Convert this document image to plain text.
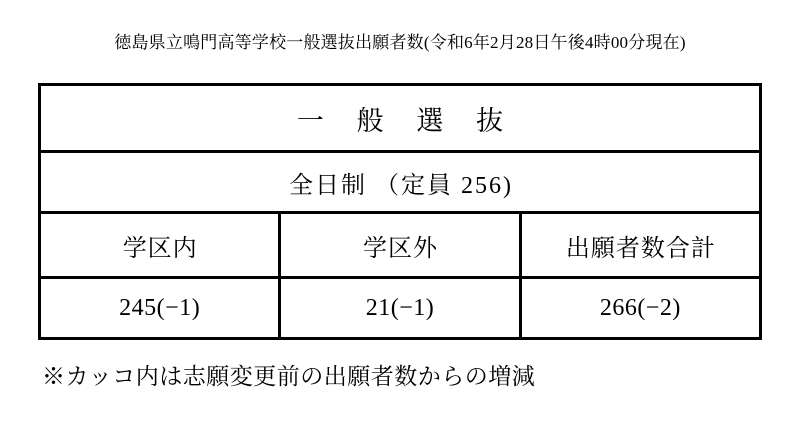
徳島県立鳴門高等学校一般選抜出願者数(令和6年2月28日午後4時00分現在)
一 般 選 抜		
全日制 （定員 256)		
学区内	学区外	出願者数合計
245(−1)	21(−1)	266(−2)
※カッコ内は志願変更前の出願者数からの増減
